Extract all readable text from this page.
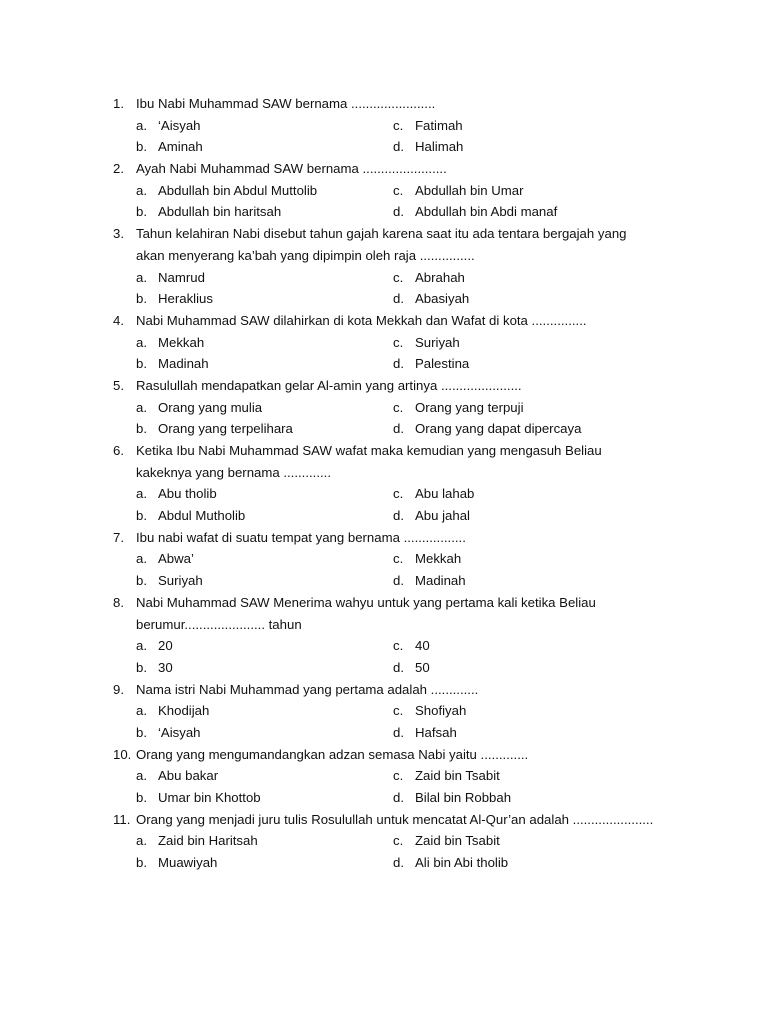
1. Ibu Nabi Muhammad SAW bernama .......................
a. ‘Aisyah	c. Fatimah
b. Aminah	d. Halimah
2. Ayah Nabi Muhammad SAW bernama .......................
a. Abdullah bin Abdul Muttolib	c. Abdullah bin Umar
b. Abdullah bin haritsah	d. Abdullah bin Abdi manaf
3. Tahun kelahiran Nabi disebut tahun gajah karena saat itu ada tentara bergajah yang
akan menyerang ka’bah yang dipimpin oleh raja ...............
a. Namrud	c. Abrahah
b. Heraklius	d. Abasiyah
4. Nabi Muhammad SAW dilahirkan di kota Mekkah dan Wafat di kota ...............
a. Mekkah	c. Suriyah
b. Madinah	d. Palestina
5. Rasulullah mendapatkan gelar Al-amin yang artinya ......................
a. Orang yang mulia	c. Orang yang terpuji
b. Orang yang terpelihara	d. Orang yang dapat dipercaya
6. Ketika Ibu Nabi Muhammad SAW wafat maka kemudian yang mengasuh Beliau
kakeknya yang bernama .............
a. Abu tholib	c. Abu lahab
b. Abdul Mutholib	d. Abu jahal
7. Ibu nabi wafat di suatu tempat yang bernama .................
a. Abwa’	c. Mekkah
b. Suriyah	d. Madinah
8. Nabi Muhammad SAW Menerima wahyu untuk yang pertama kali ketika Beliau
berumur...................... tahun
a. 20	c. 40
b. 30	d. 50
9. Nama istri Nabi Muhammad yang pertama adalah .............
a. Khodijah	c. Shofiyah
b. ‘Aisyah	d. Hafsah
10. Orang yang mengumandangkan adzan semasa Nabi yaitu .............
a. Abu bakar	c. Zaid bin Tsabit
b. Umar bin Khottob	d. Bilal bin Robbah
11. Orang yang menjadi juru tulis Rosulullah untuk mencatat Al-Qur’an adalah ......................
a. Zaid bin Haritsah	c. Zaid bin Tsabit
b. Muawiyah	d. Ali bin Abi tholib
